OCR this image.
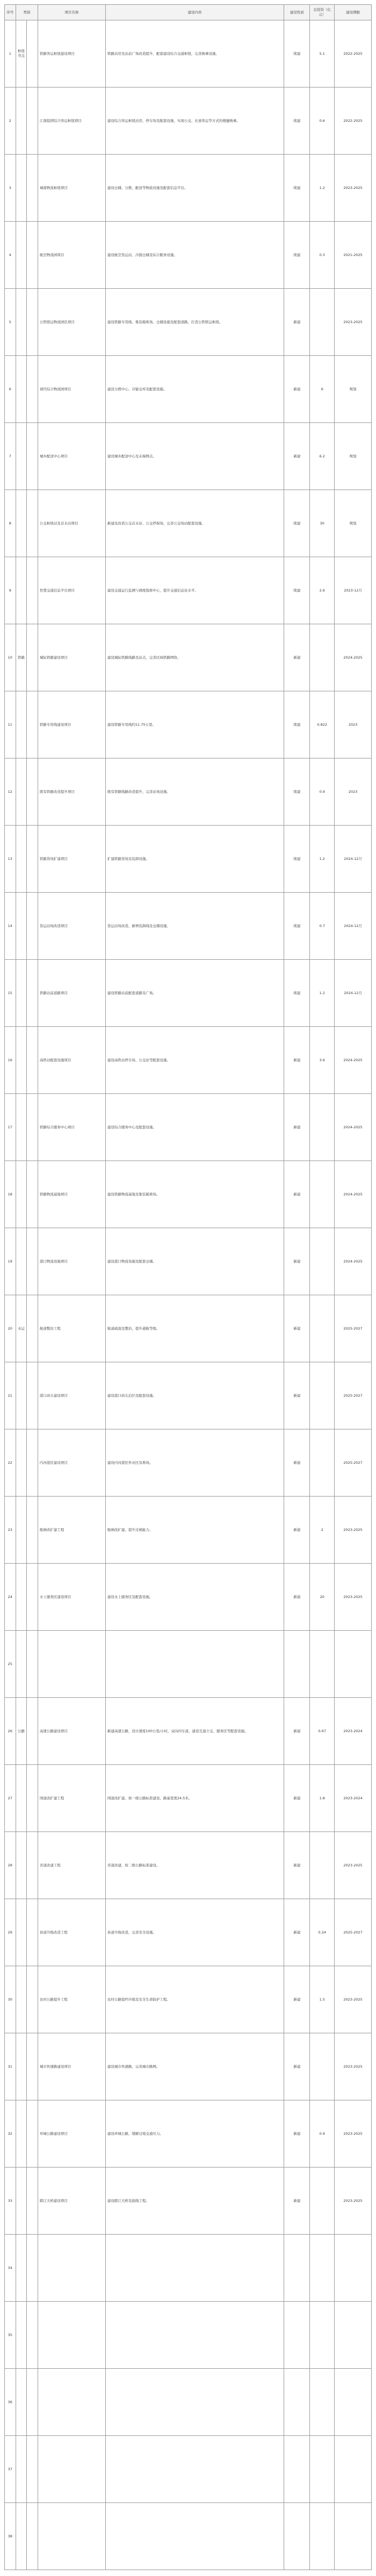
序号	类别		项目名称	建设内容	建设性质	总投资（亿元）	建设期限
1	枢纽节点		铁路客运枢纽建设项目	铁路站房及站前广场改造提升，配套建设综合交通枢纽，完善换乘设施。	续建	5.1	2022-2025
2			江南组团综合客运枢纽项目	建设综合客运枢纽站房、停车场及配套设施，实现公交、长途客运等方式的便捷换乘。	续建	0.6	2022-2025
3			城南物流枢纽项目	建设仓储、分拨、配送等物流设施及配套信息平台。	续建	1.2	2023-2025
4			航空物流园项目	建设航空货运站、冷链仓储及综合服务设施。	续建	0.3	2021-2025
5			公铁联运物流园区项目	建设铁路专用线、集装箱堆场、仓储设施及配套道路，打造公铁联运枢纽。	新建		2023-2025
6			现代综合物流园项目	建设分拨中心、冷链仓库及配套设施。	新建	6	规划
7			城乡配送中心项目	建设城乡配送中心及末端网点。	新建	6.2	规划
8			公交枢纽站及首末站项目	新建及改造公交首末站、公交停保场，完善公交场站配套设施。	续建	30	规划
9			智慧交通信息平台项目	建设交通运行监测与调度指挥中心，提升交通信息化水平。	续建	2.6	2023-12月
10	铁路		城际铁路建设项目	建设城际铁路线路及站点，完善区域铁路网络。	新建		2024-2025
11			铁路专用线建设项目	建设铁路专用线约11.75公里。	续建	0.822	2023
12			既有铁路改造提升项目	既有铁路线路改造提升，完善站场设施。	续建	0.9	2023
13			铁路货场扩建项目	扩建铁路货场及装卸设施。	续建	1.2	2024-12月
14			货运站场改造项目	货运站场改造，新增装卸线及仓储设施。	续建	0.7	2024-12月
15			铁路站前道路项目	建设铁路站前配套道路及广场。	续建	1.2	2024-12月
16			高铁站配套设施项目	建设高铁站停车场、公交站等配套设施。	新建	3.6	2024-2025
17			铁路综合服务中心项目	建设综合服务中心及配套设施。	新建		2024-2025
18			铁路物流基地项目	建设铁路物流基地及集装箱堆场。	新建		2024-2025
19			港口物流设施项目	建设港口物流设施及配套仓储。	新建		2024-2025
20	水运		航道整治工程	航道疏浚及整治，提升通航等级。	新建		2025-2027
21			港口码头建设项目	建设港口码头泊位及配套设施。	新建		2025-2027
22			内河港区建设项目	建设内河港区作业区及堆场。	新建		2025-2027
23			船闸改扩建工程	船闸改扩建，提升过闸能力。	新建	2	2023-2025
24			水上服务区建设项目	建设水上服务区及配套设施。	新建	20	2023-2025
25							
26	公路		高速公路建设项目	新建高速公路，设计速度100公里/小时，双向四车道，建设互通立交、服务区等配套设施。	新建	0.67	2023-2024
27			国道改扩建工程	国道改扩建，按一级公路标准建设，路基宽度24.5米。	新建	1.8	2023-2024
28			省道改建工程	省道改建，按二级公路标准建设。	新建		2023-2025
29			县道升级改造工程	县道升级改造，完善安全设施。	新建	0.24	2025-2027
30			农村公路提升工程	农村公路提档升级及安全生命防护工程。	新建	1.5	2023-2025
31			城市快速路建设项目	建设城市快速路，完善城市路网。	新建		2023-2025
32			环城公路建设项目	建设环城公路，缓解过境交通压力。	新建	0.9	2023-2025
33			跨江大桥建设项目	建设跨江大桥及接线工程。	新建		2023-2025
34							
35							
36							
37							
38							
